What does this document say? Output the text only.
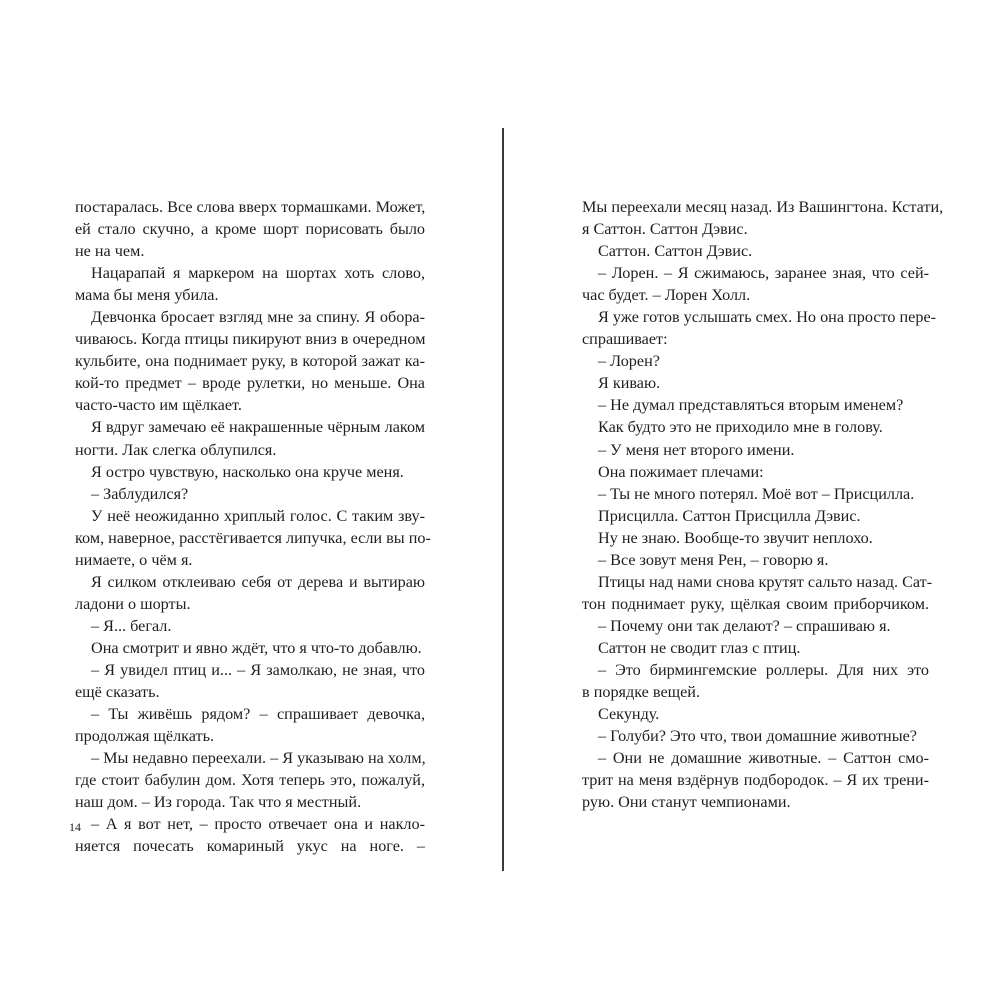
постаралась. Все слова вверх тормашками. Может,
ей стало скучно, а кроме шорт порисовать было
не на чем.
Нацарапай я маркером на шортах хоть слово,
мама бы меня убила.
Девчонка бросает взгляд мне за спину. Я обора-
чиваюсь. Когда птицы пикируют вниз в очередном
кульбите, она поднимает руку, в которой зажат ка-
кой-то предмет – вроде рулетки, но меньше. Она
часто-часто им щёлкает.
Я вдруг замечаю её накрашенные чёрным лаком
ногти. Лак слегка облупился.
Я остро чувствую, насколько она круче меня.
– Заблудился?
У неё неожиданно хриплый голос. С таким зву-
ком, наверное, расстёгивается липучка, если вы по-
нимаете, о чём я.
Я силком отклеиваю себя от дерева и вытираю
ладони о шорты.
– Я... бегал.
Она смотрит и явно ждёт, что я что-то добавлю.
– Я увидел птиц и... – Я замолкаю, не зная, что
ещё сказать.
– Ты живёшь рядом? – спрашивает девочка,
продолжая щёлкать.
– Мы недавно переехали. – Я указываю на холм,
где стоит бабулин дом. Хотя теперь это, пожалуй,
наш дом. – Из города. Так что я местный.
– А я вот нет, – просто отвечает она и накло-
няется почесать комариный укус на ноге. –
Мы переехали месяц назад. Из Вашингтона. Кстати,
я Саттон. Саттон Дэвис.
Саттон. Саттон Дэвис.
– Лорен. – Я сжимаюсь, заранее зная, что сей-
час будет. – Лорен Холл.
Я уже готов услышать смех. Но она просто пере-
спрашивает:
– Лорен?
Я киваю.
– Не думал представляться вторым именем?
Как будто это не приходило мне в голову.
– У меня нет второго имени.
Она пожимает плечами:
– Ты не много потерял. Моё вот – Присцилла.
Присцилла. Саттон Присцилла Дэвис.
Ну не знаю. Вообще-то звучит неплохо.
– Все зовут меня Рен, – говорю я.
Птицы над нами снова крутят сальто назад. Сат-
тон поднимает руку, щёлкая своим приборчиком.
– Почему они так делают? – спрашиваю я.
Саттон не сводит глаз с птиц.
– Это бирмингемские роллеры. Для них это
в порядке вещей.
Секунду.
– Голуби? Это что, твои домашние животные?
– Они не домашние животные. – Саттон смо-
трит на меня вздёрнув подбородок. – Я их трени-
рую. Они станут чемпионами.
14
